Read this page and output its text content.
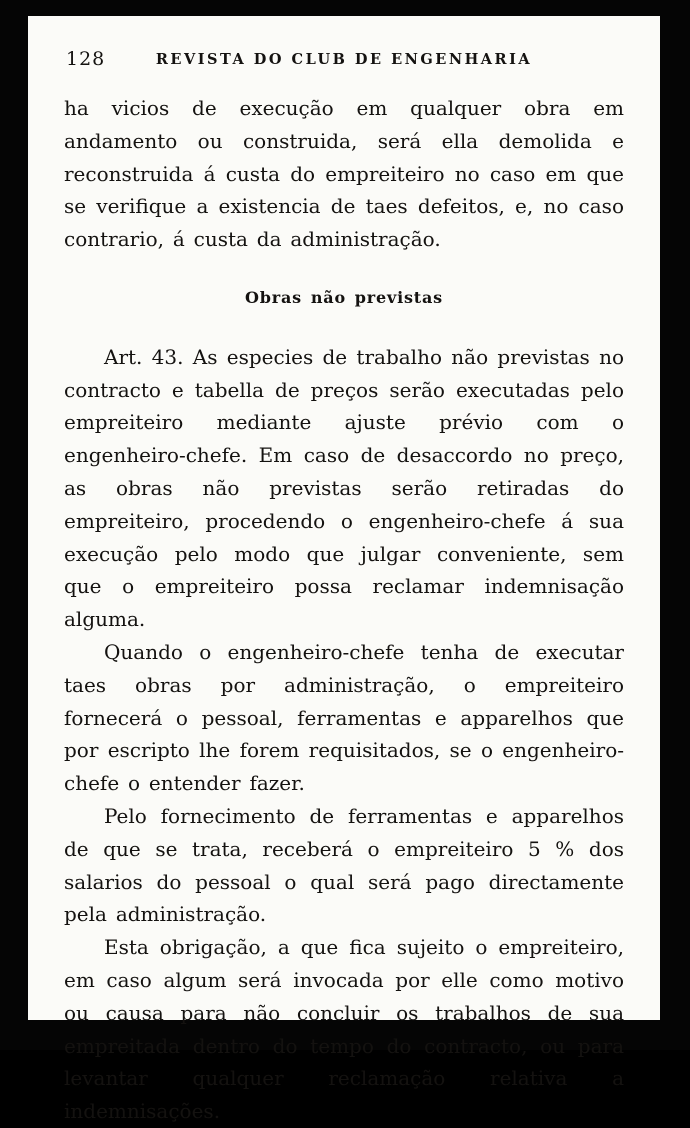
128	REVISTA DO CLUB DE ENGENHARIA

ha vicios de execução em qualquer obra em andamento ou construida, será ella demolida e reconstruida á custa do empreiteiro no caso em que se verifique a existencia de taes defeitos, e, no caso contrario, á custa da administração.

Obras não previstas

Art. 43. As especies de trabalho não previstas no contracto e tabella de preços serão executadas pelo empreiteiro mediante ajuste prévio com o engenheiro-chefe. Em caso de desaccordo no preço, as obras não previstas serão retiradas do empreiteiro, procedendo o engenheiro-chefe á sua execução pelo modo que julgar conveniente, sem que o empreiteiro possa reclamar indemnisação alguma.

Quando o engenheiro-chefe tenha de executar taes obras por administração, o empreiteiro fornecerá o pessoal, ferramentas e apparelhos que por escripto lhe forem requisitados, se o engenheiro-chefe o entender fazer.

Pelo fornecimento de ferramentas e apparelhos de que se trata, receberá o empreiteiro 5 % dos salarios do pessoal o qual será pago directamente pela administração.

Esta obrigação, a que fica sujeito o empreiteiro, em caso algum será invocada por elle como motivo ou causa para não concluir os trabalhos de sua empreitada dentro do tempo do contracto, ou para levantar qualquer reclamação relativa a indemnisações.
